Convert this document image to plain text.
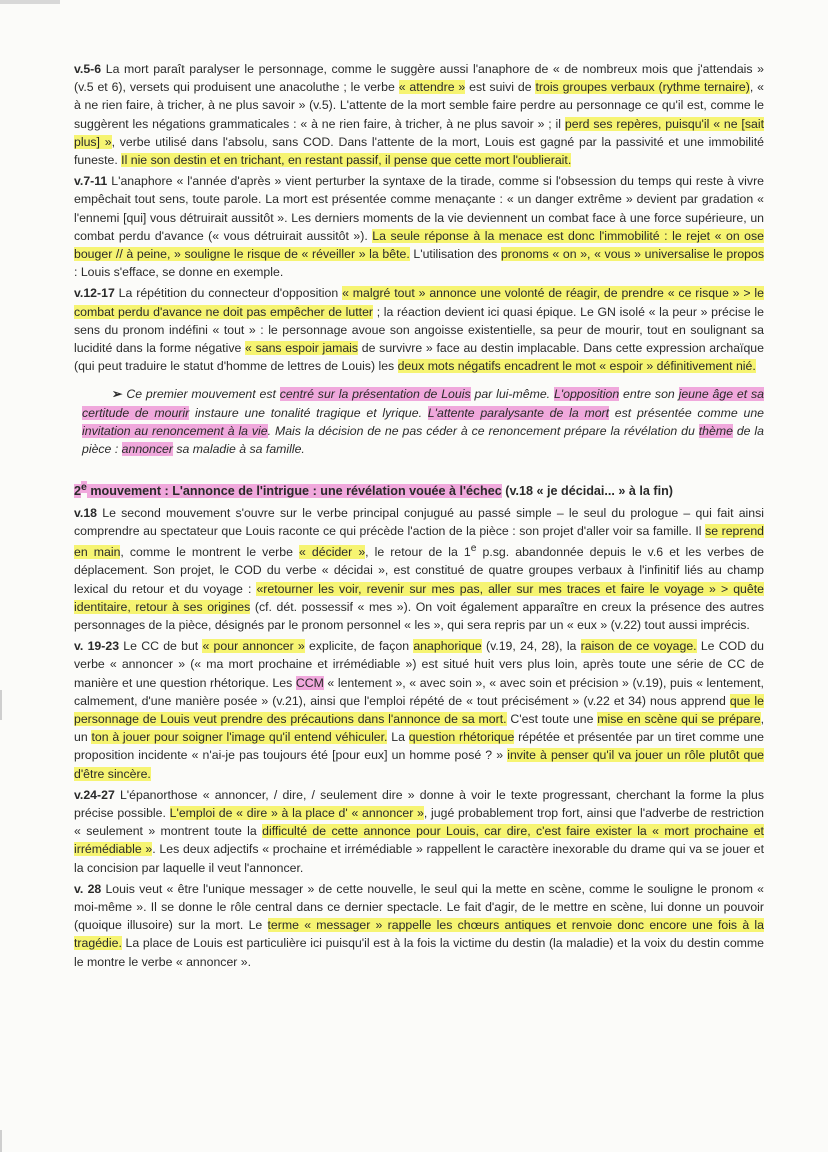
v.5-6 La mort paraît paralyser le personnage, comme le suggère aussi l'anaphore de « de nombreux mois que j'attendais » (v.5 et 6), versets qui produisent une anacoluthe ; le verbe « attendre » est suivi de trois groupes verbaux (rythme ternaire), « à ne rien faire, à tricher, à ne plus savoir » (v.5). L'attente de la mort semble faire perdre au personnage ce qu'il est, comme le suggèrent les négations grammaticales : « à ne rien faire, à tricher, à ne plus savoir » ; il perd ses repères, puisqu'il « ne [sait plus] », verbe utilisé dans l'absolu, sans COD. Dans l'attente de la mort, Louis est gagné par la passivité et une immobilité funeste. Il nie son destin et en trichant, en restant passif, il pense que cette mort l'oublierait.

v.7-11 L'anaphore « l'année d'après » vient perturber la syntaxe de la tirade, comme si l'obsession du temps qui reste à vivre empêchait tout sens, toute parole. La mort est présentée comme menaçante : « un danger extrême » devient par gradation « l'ennemi [qui] vous détruirait aussitôt ». Les derniers moments de la vie deviennent un combat face à une force supérieure, un combat perdu d'avance (« vous détruirait aussitôt »). La seule réponse à la menace est donc l'immobilité : le rejet « on ose bouger // à peine, » souligne le risque de « réveiller » la bête. L'utilisation des pronoms « on », « vous » universalise le propos : Louis s'efface, se donne en exemple.

v.12-17 La répétition du connecteur d'opposition « malgré tout » annonce une volonté de réagir, de prendre « ce risque » > le combat perdu d'avance ne doit pas empêcher de lutter ; la réaction devient ici quasi épique. Le GN isolé « la peur » précise le sens du pronom indéfini « tout » : le personnage avoue son angoisse existentielle, sa peur de mourir, tout en soulignant sa lucidité dans la forme négative « sans espoir jamais de survivre » face au destin implacable. Dans cette expression archaïque (qui peut traduire le statut d'homme de lettres de Louis) les deux mots négatifs encadrent le mot « espoir » définitivement nié.

➢ Ce premier mouvement est centré sur la présentation de Louis par lui-même. L'opposition entre son jeune âge et sa certitude de mourir instaure une tonalité tragique et lyrique. L'attente paralysante de la mort est présentée comme une invitation au renoncement à la vie. Mais la décision de ne pas céder à ce renoncement prépare la révélation du thème de la pièce : annoncer sa maladie à sa famille.

2e mouvement : L'annonce de l'intrigue : une révélation vouée à l'échec (v.18 « je décidai... » à la fin)

v.18 Le second mouvement s'ouvre sur le verbe principal conjugué au passé simple – le seul du prologue – qui fait ainsi comprendre au spectateur que Louis raconte ce qui précède l'action de la pièce : son projet d'aller voir sa famille. Il se reprend en main, comme le montrent le verbe « décider », le retour de la 1e p.sg. abandonnée depuis le v.6 et les verbes de déplacement. Son projet, le COD du verbe « décidai », est constitué de quatre groupes verbaux à l'infinitif liés au champ lexical du retour et du voyage : «retourner les voir, revenir sur mes pas, aller sur mes traces et faire le voyage » > quête identitaire, retour à ses origines (cf. dét. possessif « mes »). On voit également apparaître en creux la présence des autres personnages de la pièce, désignés par le pronom personnel « les », qui sera repris par un « eux » (v.22) tout aussi imprécis.

v. 19-23 Le CC de but « pour annoncer » explicite, de façon anaphorique (v.19, 24, 28), la raison de ce voyage. Le COD du verbe « annoncer » (« ma mort prochaine et irrémédiable ») est situé huit vers plus loin, après toute une série de CC de manière et une question rhétorique. Les CCM « lentement », « avec soin », « avec soin et précision » (v.19), puis « lentement, calmement, d'une manière posée » (v.21), ainsi que l'emploi répété de « tout précisément » (v.22 et 34) nous apprend que le personnage de Louis veut prendre des précautions dans l'annonce de sa mort. C'est toute une mise en scène qui se prépare, un ton à jouer pour soigner l'image qu'il entend véhiculer. La question rhétorique répétée et présentée par un tiret comme une proposition incidente « n'ai-je pas toujours été [pour eux] un homme posé ? » invite à penser qu'il va jouer un rôle plutôt que d'être sincère.

v.24-27 L'épanorthose « annoncer, / dire, / seulement dire » donne à voir le texte progressant, cherchant la forme la plus précise possible. L'emploi de « dire » à la place d' « annoncer », jugé probablement trop fort, ainsi que l'adverbe de restriction « seulement » montrent toute la difficulté de cette annonce pour Louis, car dire, c'est faire exister la « mort prochaine et irrémédiable ». Les deux adjectifs « prochaine et irrémédiable » rappellent le caractère inexorable du drame qui va se jouer et la concision par laquelle il veut l'annoncer.

v. 28 Louis veut « être l'unique messager » de cette nouvelle, le seul qui la mette en scène, comme le souligne le pronom « moi-même ». Il se donne le rôle central dans ce dernier spectacle. Le fait d'agir, de le mettre en scène, lui donne un pouvoir (quoique illusoire) sur la mort. Le terme « messager » rappelle les chœurs antiques et renvoie donc encore une fois à la tragédie. La place de Louis est particulière ici puisqu'il est à la fois la victime du destin (la maladie) et la voix du destin comme le montre le verbe « annoncer ».
